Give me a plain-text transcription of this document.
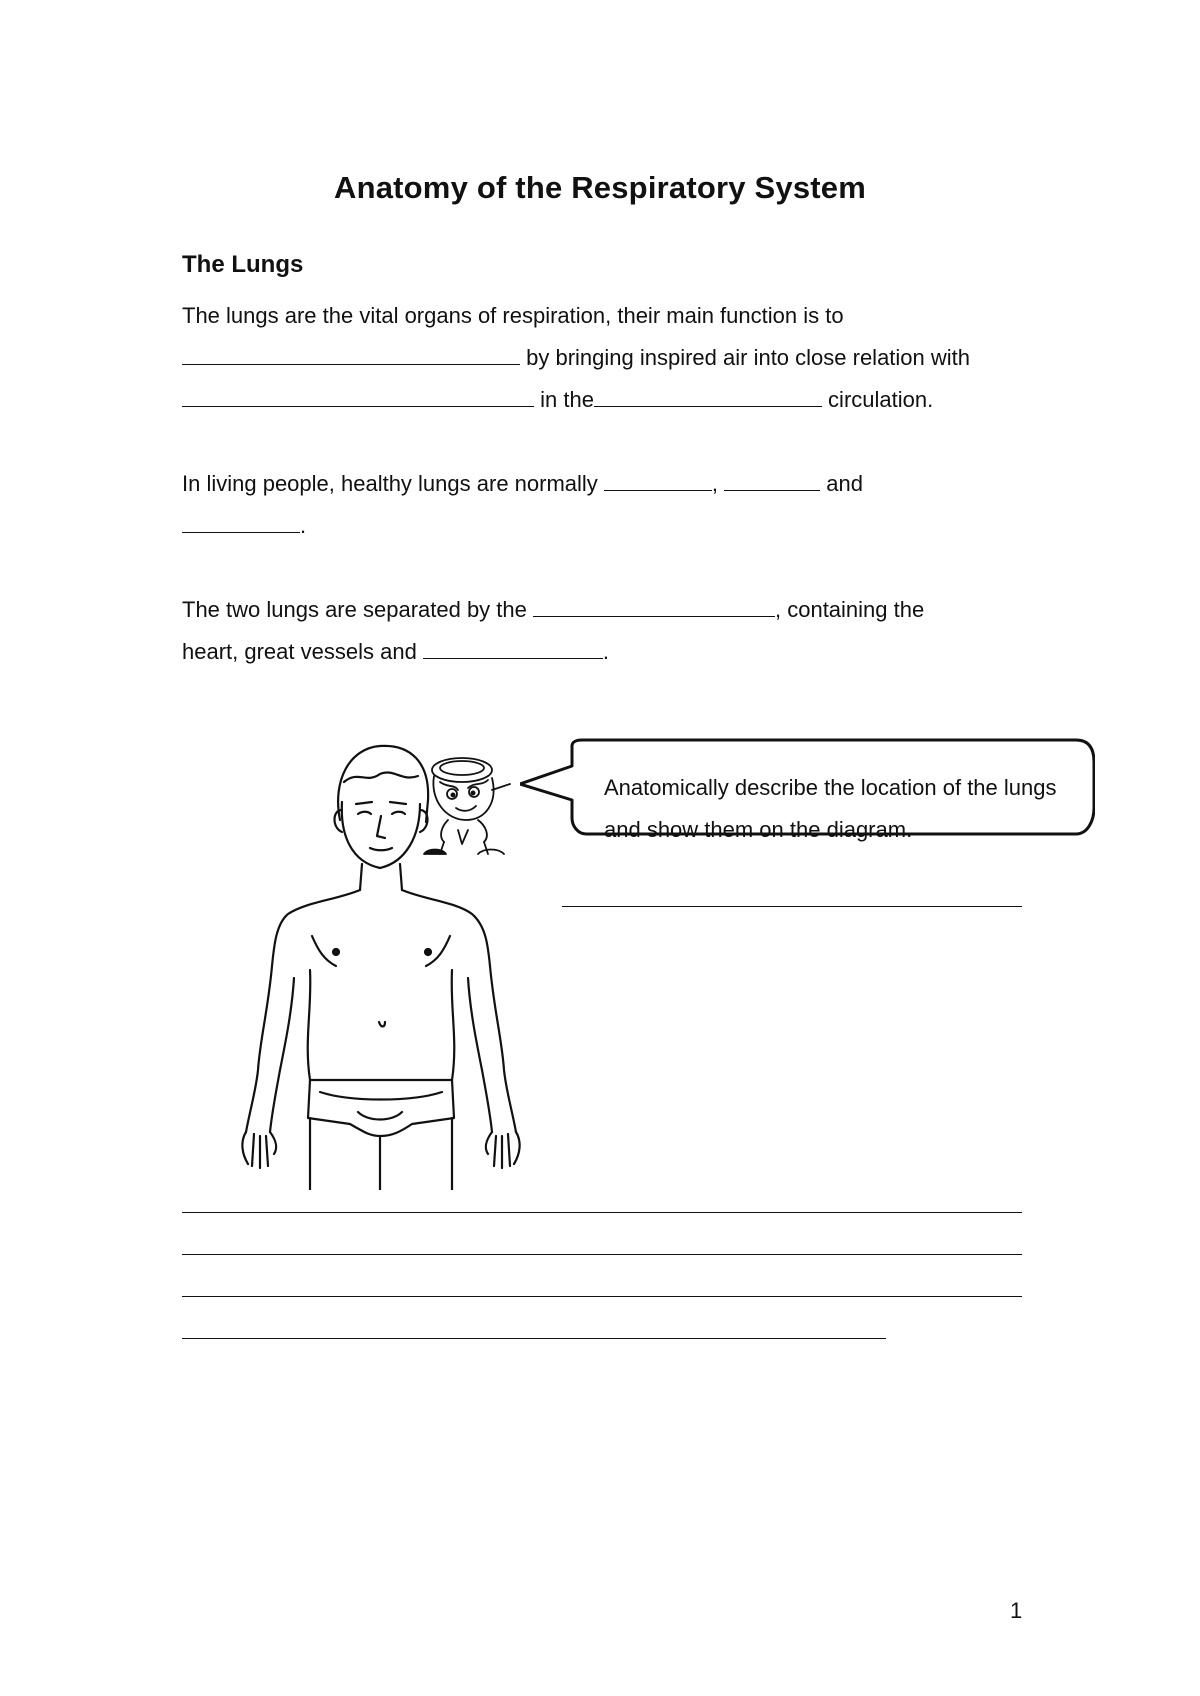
Anatomy of the Respiratory System
The Lungs

The lungs are the vital organs of respiration, their main function is to

by bringing inspired air into close relation with

in the	circulation.

In living people, healthy lungs are normally	,	and

.

The two lungs are separated by the	, containing the

heart, great vessels and	.

Anatomically describe the location of the lungs and show them on the diagram.

1
